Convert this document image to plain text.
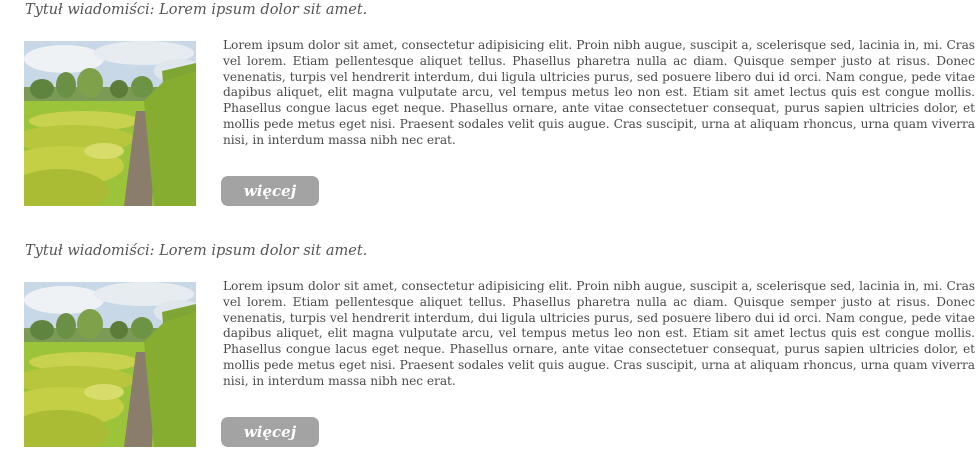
Tytuł wiadomiści: Lorem ipsum dolor sit amet.

Lorem ipsum dolor sit amet, consectetur adipisicing elit. Proin nibh augue, suscipit a, scelerisque sed, lacinia in, mi. Cras vel lorem. Etiam pellentesque aliquet tellus. Phasellus pharetra nulla ac diam. Quisque semper justo at risus. Donec venenatis, turpis vel hendrerit interdum, dui ligula ultricies purus, sed posuere libero dui id orci. Nam congue, pede vitae dapibus aliquet, elit magna vulputate arcu, vel tempus metus leo non est. Etiam sit amet lectus quis est congue mollis. Phasellus congue lacus eget neque. Phasellus ornare, ante vitae consectetuer consequat, purus sapien ultricies dolor, et mollis pede metus eget nisi. Praesent sodales velit quis augue. Cras suscipit, urna at aliquam rhoncus, urna quam viverra nisi, in interdum massa nibh nec erat.

więcej
Tytuł wiadomiści: Lorem ipsum dolor sit amet.

Lorem ipsum dolor sit amet, consectetur adipisicing elit. Proin nibh augue, suscipit a, scelerisque sed, lacinia in, mi. Cras vel lorem. Etiam pellentesque aliquet tellus. Phasellus pharetra nulla ac diam. Quisque semper justo at risus. Donec venenatis, turpis vel hendrerit interdum, dui ligula ultricies purus, sed posuere libero dui id orci. Nam congue, pede vitae dapibus aliquet, elit magna vulputate arcu, vel tempus metus leo non est. Etiam sit amet lectus quis est congue mollis. Phasellus congue lacus eget neque. Phasellus ornare, ante vitae consectetuer consequat, purus sapien ultricies dolor, et mollis pede metus eget nisi. Praesent sodales velit quis augue. Cras suscipit, urna at aliquam rhoncus, urna quam viverra nisi, in interdum massa nibh nec erat.

więcej
